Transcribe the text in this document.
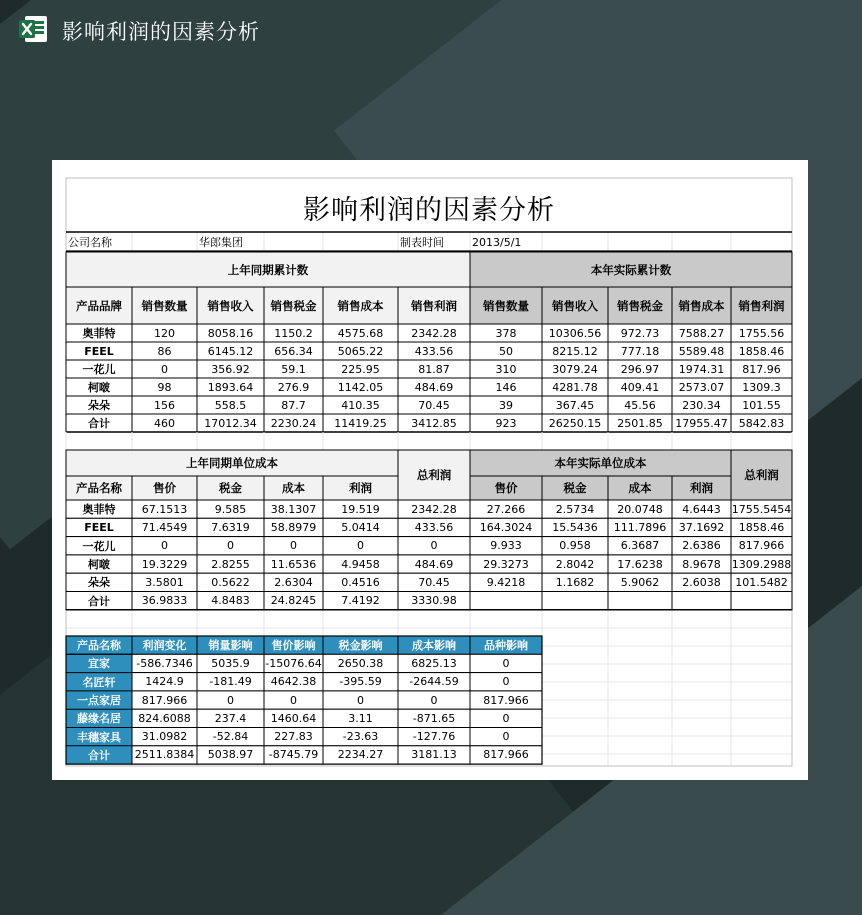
影响利润的因素分析
影响利润的因素分析
公司名称	华郎集团	制表时间	2013/5/1
上年同期累计数	本年实际累计数
产品品牌	销售数量	销售收入	销售税金	销售成本	销售利润	销售数量	销售收入	销售税金	销售成本	销售利润
奥菲特	120	8058.16	1150.2	4575.68	2342.28	378	10306.56	972.73	7588.27	1755.56
FEEL	86	6145.12	656.34	5065.22	433.56	50	8215.12	777.18	5589.48	1858.46
一花儿	0	356.92	59.1	225.95	81.87	310	3079.24	296.97	1974.31	817.96
柯啵	98	1893.64	276.9	1142.05	484.69	146	4281.78	409.41	2573.07	1309.3
朵朵	156	558.5	87.7	410.35	70.45	39	367.45	45.56	230.34	101.55
合计	460	17012.34	2230.24	11419.25	3412.85	923	26250.15	2501.85	17955.47	5842.83
上年同期单位成本	本年实际单位成本
总利润	总利润
产品名称	售价	税金	成本	利润	售价	税金	成本	利润
奥菲特	67.1513	9.585	38.1307	19.519	2342.28	27.266	2.5734	20.0748	4.6443	1755.5454
FEEL	71.4549	7.6319	58.8979	5.0414	433.56	164.3024	15.5436	111.7896	37.1692	1858.46
一花儿	0	0	0	0	0	9.933	0.958	6.3687	2.6386	817.966
柯啵	19.3229	2.8255	11.6536	4.9458	484.69	29.3273	2.8042	17.6238	8.9678	1309.2988
朵朵	3.5801	0.5622	2.6304	0.4516	70.45	9.4218	1.1682	5.9062	2.6038	101.5482
合计	36.9833	4.8483	24.8245	7.4192	3330.98
产品名称	利润变化	销量影响	售价影响	税金影响	成本影响	品种影响
宜家	-586.7346	5035.9	-15076.64	2650.38	6825.13	0
名匠轩	1424.9	-181.49	4642.38	-395.59	-2644.59	0
一点家居	817.966	0	0	0	0	817.966
藤缘名居	824.6088	237.4	1460.64	3.11	-871.65	0
丰穗家具	31.0982	-52.84	227.83	-23.63	-127.76	0
合计	2511.8384	5038.97	-8745.79	2234.27	3181.13	817.966
